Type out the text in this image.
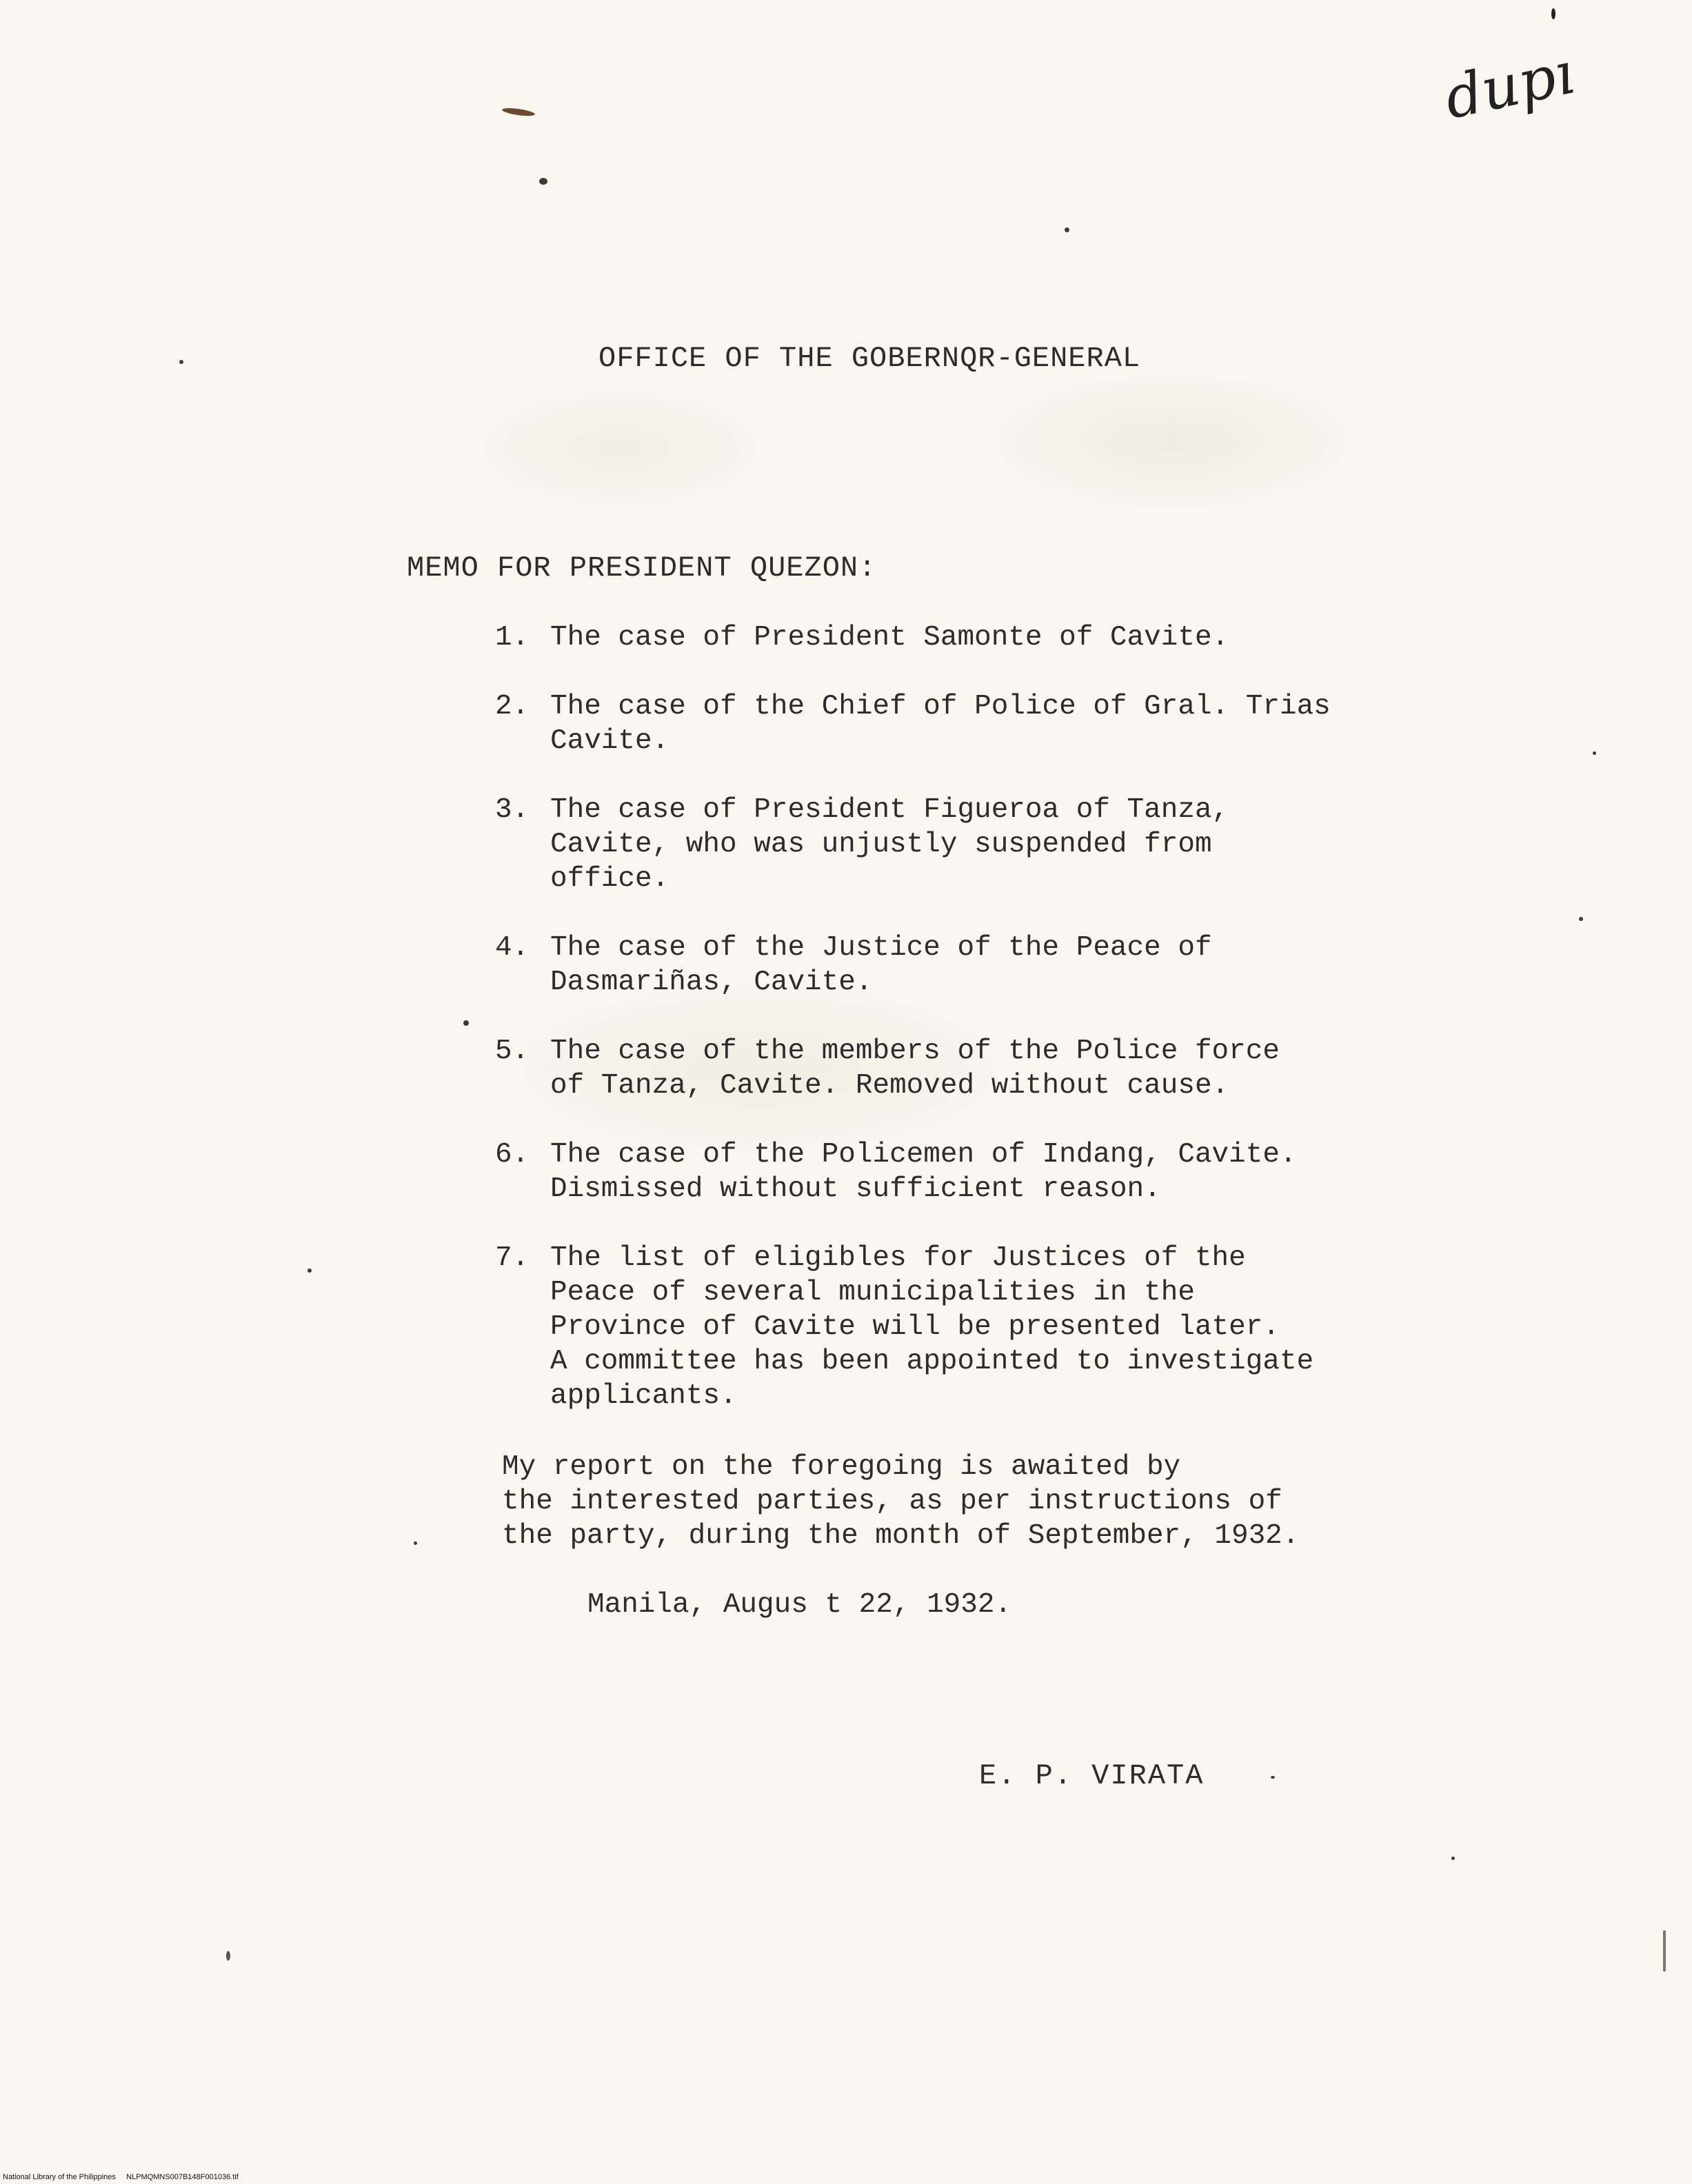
dupı
OFFICE OF THE GOBERNQR-GENERAL
MEMO FOR PRESIDENT QUEZON:
1. The case of President Samonte of Cavite.
2. The case of the Chief of Police of Gral. Trias
Cavite.
3. The case of President Figueroa of Tanza,
Cavite, who was unjustly suspended from
office.
4. The case of the Justice of the Peace of
Dasmariñas, Cavite.
5. The case of the members of the Police force
of Tanza, Cavite. Removed without cause.
6. The case of the Policemen of Indang, Cavite.
Dismissed without sufficient reason.
7. The list of eligibles for Justices of the
Peace of several municipalities in the
Province of Cavite will be presented later.
A committee has been appointed to investigate
applicants.
My report on the foregoing is awaited by
the interested parties, as per instructions of
the party, during the month of September, 1932.
Manila, Augus t 22, 1932.
E. P. VIRATA
National Library of the Philippines     NLPMQMNS007B148F001036.tif
